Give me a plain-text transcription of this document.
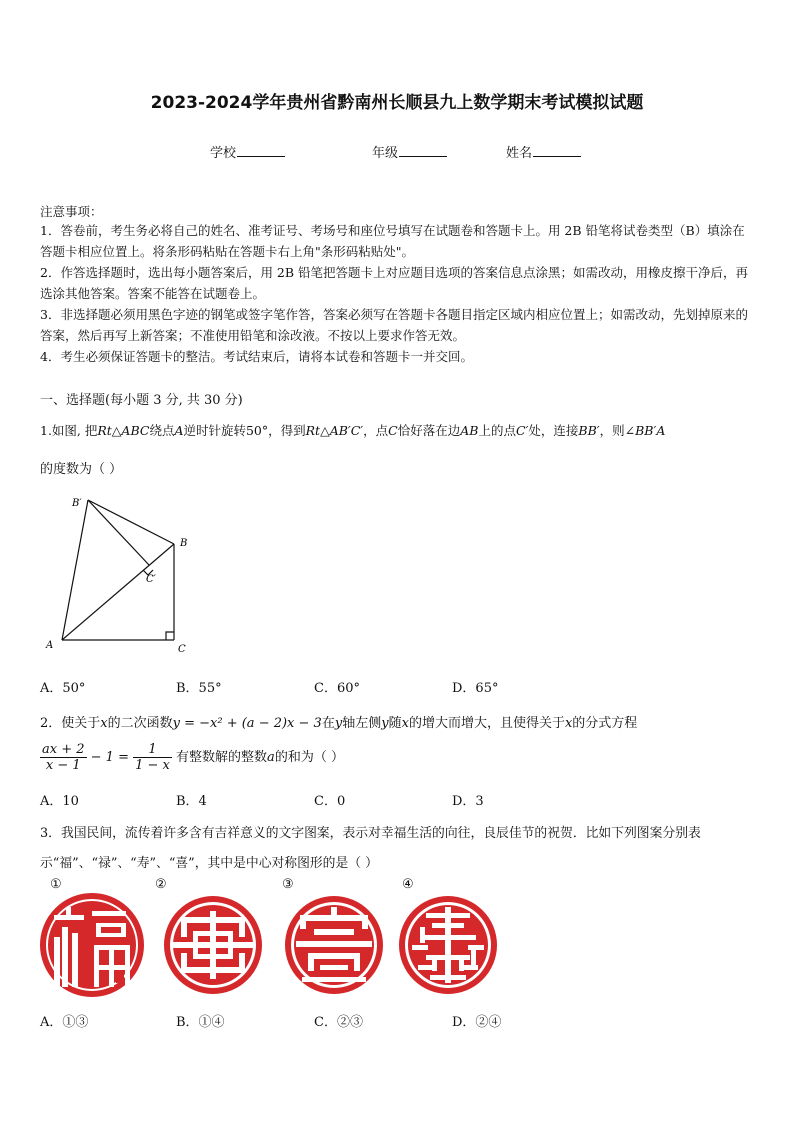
2023-2024学年贵州省黔南州长顺县九上数学期末考试模拟试题
学校	年级	姓名
注意事项：
1．答卷前，考生务必将自己的姓名、准考证号、考场号和座位号填写在试题卷和答题卡上。用 2B 铅笔将试卷类型（B）填涂在答题卡相应位置上。将条形码粘贴在答题卡右上角"条形码粘贴处"。
2．作答选择题时，选出每小题答案后，用 2B 铅笔把答题卡上对应题目选项的答案信息点涂黑；如需改动，用橡皮擦干净后，再选涂其他答案。答案不能答在试题卷上。
3．非选择题必须用黑色字迹的钢笔或签字笔作答，答案必须写在答题卡各题目指定区域内相应位置上；如需改动，先划掉原来的答案，然后再写上新答案；不准使用铅笔和涂改液。不按以上要求作答无效。
4．考生必须保证答题卡的整洁。考试结束后，请将本试卷和答题卡一并交回。
一、选择题(每小题 3 分, 共 30 分)
1.如图, 把Rt△ABC绕点A逆时针旋转50°，得到Rt△AB′C′，点C恰好落在边AB上的点C′处，连接BB′，则∠BB′A
的度数为（ ）
B′
B
C′
A	C
A．50°	B．55°	C．60°	D．65°
2．使关于x的二次函数y = −x² + (a − 2)x − 3在y轴左侧y随x的增大而增大，且使得关于x的分式方程
$\frac{ax + 2}{x - 1} - 1 = \frac{1}{1 - x}$ 有整数解的整数a的和为（ ）
A．10	B．4	C．0	D．3
3．我国民间，流传着许多含有吉祥意义的文字图案，表示对幸福生活的向往，良辰佳节的祝贺．比如下列图案分别表
示“福”、“禄”、“寿”、“喜”，其中是中心对称图形的是（ ）
①	②	③	④
A．①③	B．①④	C．②③	D．②④
